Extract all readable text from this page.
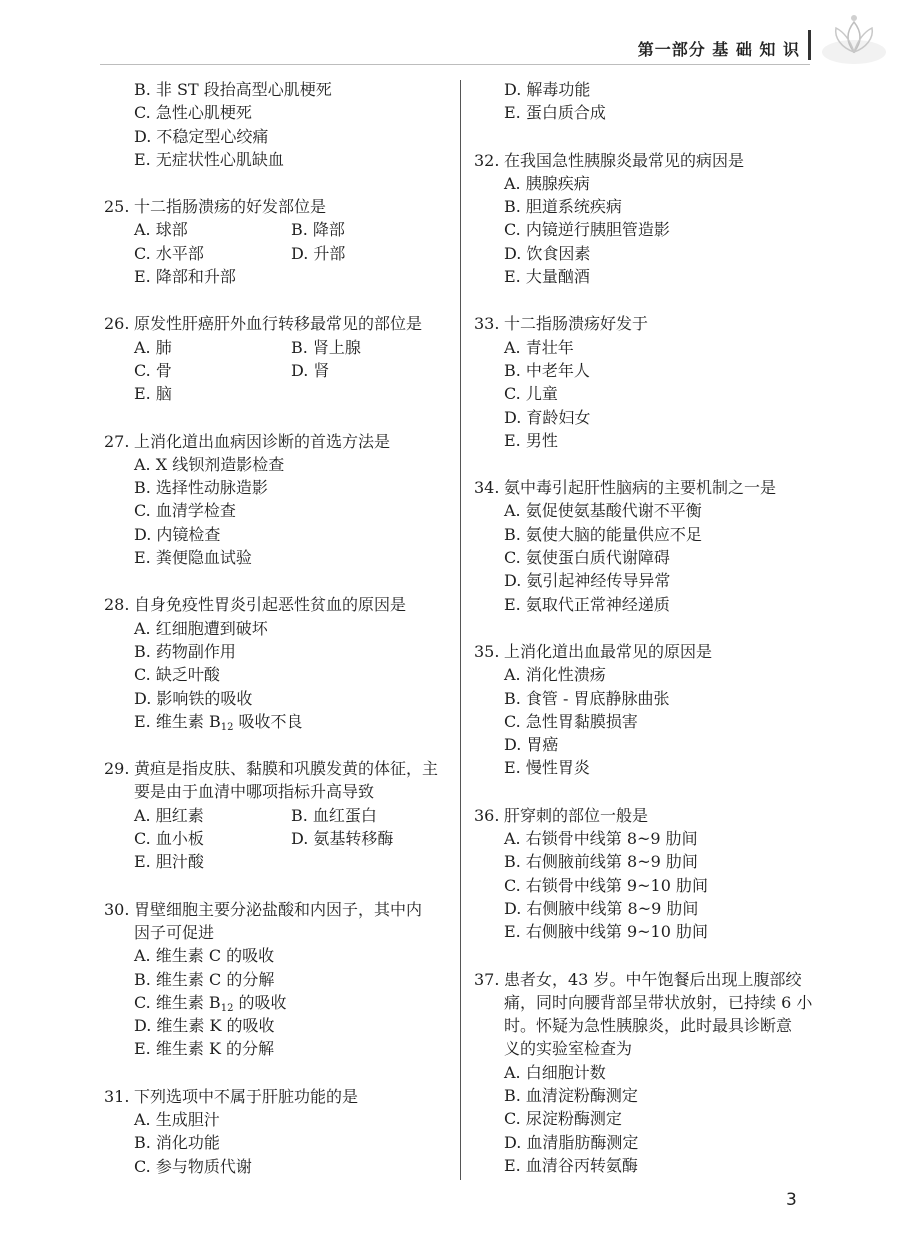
第一部分 基 础 知 识
B. 非 ST 段抬高型心肌梗死
C. 急性心肌梗死
D. 不稳定型心绞痛
E. 无症状性心肌缺血
25. 十二指肠溃疡的好发部位是
A. 球部	B. 降部
C. 水平部	D. 升部
E. 降部和升部
26. 原发性肝癌肝外血行转移最常见的部位是
A. 肺	B. 肾上腺
C. 骨	D. 肾
E. 脑
27. 上消化道出血病因诊断的首选方法是
A. X 线钡剂造影检查
B. 选择性动脉造影
C. 血清学检查
D. 内镜检查
E. 粪便隐血试验
28. 自身免疫性胃炎引起恶性贫血的原因是
A. 红细胞遭到破坏
B. 药物副作用
C. 缺乏叶酸
D. 影响铁的吸收
E. 维生素 $B_{12}$ 吸收不良
29. 黄疸是指皮肤、黏膜和巩膜发黄的体征，主
要是由于血清中哪项指标升高导致
A. 胆红素	B. 血红蛋白
C. 血小板	D. 氨基转移酶
E. 胆汁酸
30. 胃壁细胞主要分泌盐酸和内因子，其中内
因子可促进
A. 维生素 C 的吸收
B. 维生素 C 的分解
C. 维生素 $B_{12}$ 的吸收
D. 维生素 K 的吸收
E. 维生素 K 的分解
31. 下列选项中不属于肝脏功能的是
A. 生成胆汁
B. 消化功能
C. 参与物质代谢
D. 解毒功能
E. 蛋白质合成
32. 在我国急性胰腺炎最常见的病因是
A. 胰腺疾病
B. 胆道系统疾病
C. 内镜逆行胰胆管造影
D. 饮食因素
E. 大量酗酒
33. 十二指肠溃疡好发于
A. 青壮年
B. 中老年人
C. 儿童
D. 育龄妇女
E. 男性
34. 氨中毒引起肝性脑病的主要机制之一是
A. 氨促使氨基酸代谢不平衡
B. 氨使大脑的能量供应不足
C. 氨使蛋白质代谢障碍
D. 氨引起神经传导异常
E. 氨取代正常神经递质
35. 上消化道出血最常见的原因是
A. 消化性溃疡
B. 食管 - 胃底静脉曲张
C. 急性胃黏膜损害
D. 胃癌
E. 慢性胃炎
36. 肝穿刺的部位一般是
A. 右锁骨中线第 8~9 肋间
B. 右侧腋前线第 8~9 肋间
C. 右锁骨中线第 9~10 肋间
D. 右侧腋中线第 8~9 肋间
E. 右侧腋中线第 9~10 肋间
37. 患者女，43 岁。中午饱餐后出现上腹部绞
痛，同时向腰背部呈带状放射，已持续 6 小
时。怀疑为急性胰腺炎，此时最具诊断意
义的实验室检查为
A. 白细胞计数
B. 血清淀粉酶测定
C. 尿淀粉酶测定
D. 血清脂肪酶测定
E. 血清谷丙转氨酶
3
